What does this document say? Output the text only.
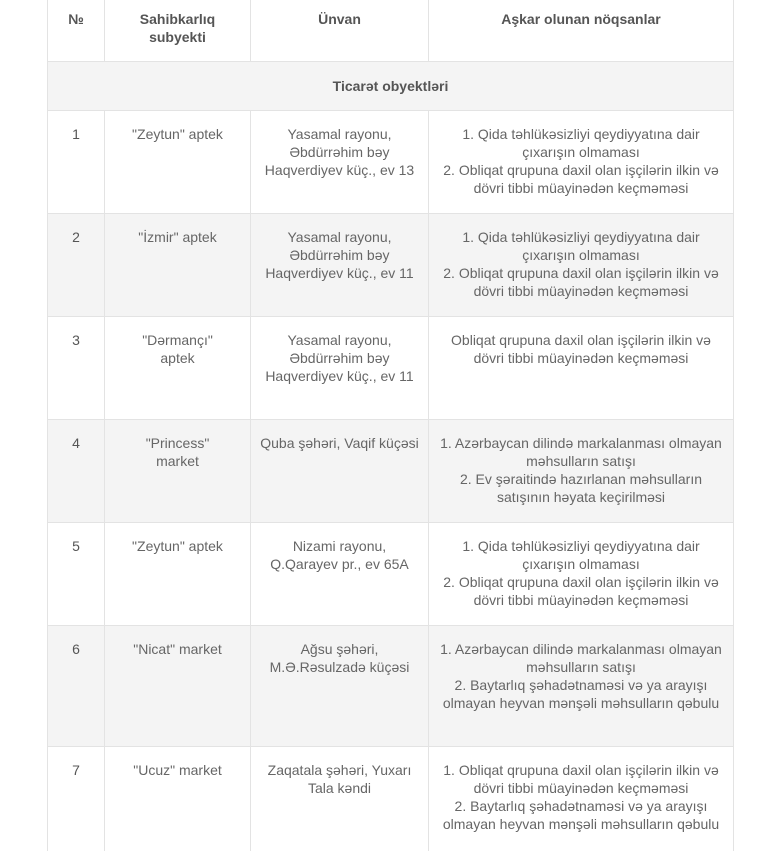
№	Sahibkarlıq subyekti	Ünvan	Aşkar olunan nöqsanlar
Ticarət obyektləri			
1	"Zeytun" aptek	Yasamal rayonu, Əbdürrəhim bəy Haqverdiyev küç., ev 13	1. Qida təhlükəsizliyi qeydiyyatına dair çıxarışın olmaması
2. Obliqat qrupuna daxil olan işçilərin ilkin və dövri tibbi müayinədən keçməməsi

2	"İzmir" aptek	Yasamal rayonu, Əbdürrəhim bəy Haqverdiyev küç., ev 11	1. Qida təhlükəsizliyi qeydiyyatına dair çıxarışın olmaması
2. Obliqat qrupuna daxil olan işçilərin ilkin və dövri tibbi müayinədən keçməməsi

3	"Dərmançı" aptek	Yasamal rayonu, Əbdürrəhim bəy Haqverdiyev küç., ev 11	Obliqat qrupuna daxil olan işçilərin ilkin və dövri tibbi müayinədən keçməməsi

4	"Princess" market	Quba şəhəri, Vaqif küçəsi	1. Azərbaycan dilində markalanması olmayan məhsulların satışı
2. Ev şəraitində hazırlanan məhsulların satışının həyata keçirilməsi

5	"Zeytun" aptek	Nizami rayonu, Q.Qarayev pr., ev 65A	1. Qida təhlükəsizliyi qeydiyyatına dair çıxarışın olmaması
2. Obliqat qrupuna daxil olan işçilərin ilkin və dövri tibbi müayinədən keçməməsi

6	"Nicat" market	Ağsu şəhəri, M.Ə.Rəsulzadə küçəsi	1. Azərbaycan dilində markalanması olmayan məhsulların satışı
2. Baytarlıq şəhadətnaməsi və ya arayışı olmayan heyvan mənşəli məhsulların qəbulu

7	"Ucuz" market	Zaqatala şəhəri, Yuxarı Tala kəndi	1. Obliqat qrupuna daxil olan işçilərin ilkin və dövri tibbi müayinədən keçməməsi
2. Baytarlıq şəhadətnaməsi və ya arayışı olmayan heyvan mənşəli məhsulların qəbulu
